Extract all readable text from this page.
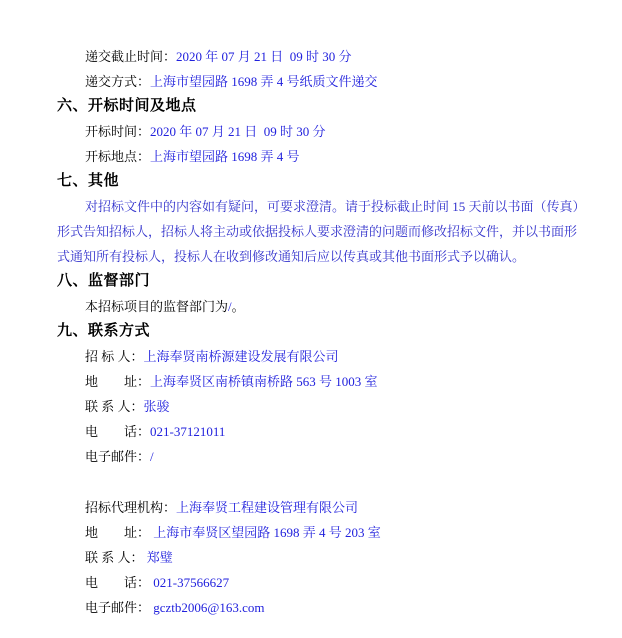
递交截止时间：2020 年 07 月 21 日  09 时 30 分
递交方式：上海市望园路 1698 弄 4 号纸质文件递交
六、开标时间及地点
开标时间：2020 年 07 月 21 日  09 时 30 分
开标地点：上海市望园路 1698 弄 4 号
七、其他
对招标文件中的内容如有疑问，可要求澄清。请于投标截止时间 15 天前以书面（传真）
形式告知招标人，招标人将主动或依据投标人要求澄清的问题而修改招标文件，并以书面形
式通知所有投标人，投标人在收到修改通知后应以传真或其他书面形式予以确认。
八、监督部门
本招标项目的监督部门为/。
九、联系方式
招 标 人：上海奉贤南桥源建设发展有限公司
地　　址：上海奉贤区南桥镇南桥路 563 号 1003 室
联 系 人：张骏
电　　话：021-37121011
电子邮件：/
招标代理机构：上海奉贤工程建设管理有限公司
地　　址： 上海市奉贤区望园路 1698 弄 4 号 203 室
联 系 人： 郑璧
电　　话： 021-37566627
电子邮件： gcztb2006@163.com
